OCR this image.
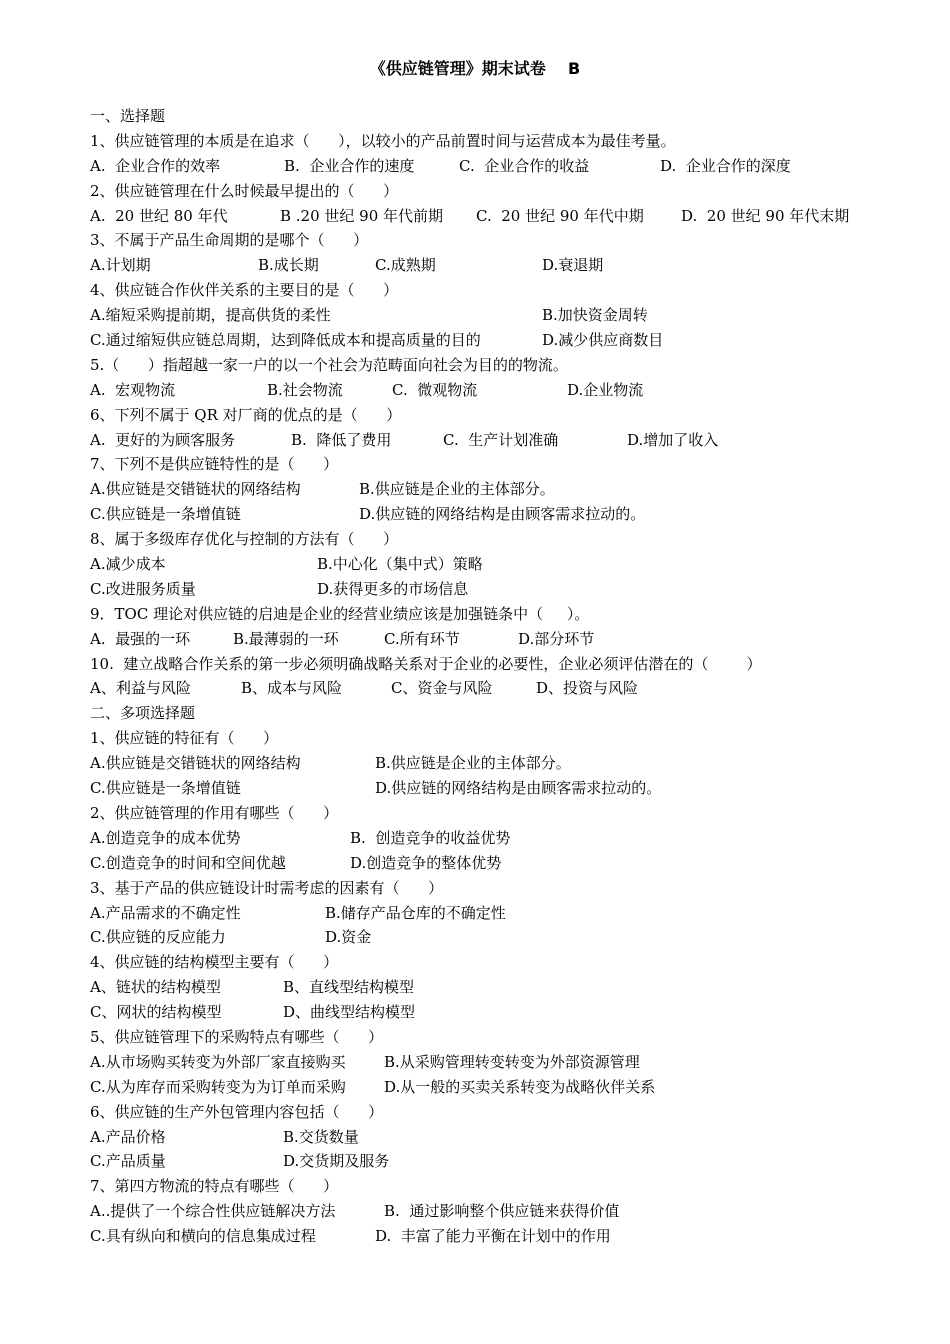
《供应链管理》期末试卷    B
一、选择题
1、供应链管理的本质是在追求（      ），以较小的产品前置时间与运营成本为最佳考量。
A.  企业合作的效率	B.  企业合作的速度	C.  企业合作的收益	D.  企业合作的深度
2、供应链管理在什么时候最早提出的（      ）
A.  20 世纪 80 年代	B .20 世纪 90 年代前期 C.  20 世纪 90 年代中期 D.  20 世纪 90 年代末期
3、不属于产品生命周期的是哪个（      ）
A.计划期	B.成长期	C.成熟期	D.衰退期
4、供应链合作伙伴关系的主要目的是（      ）
A.缩短采购提前期，提高供货的柔性	B.加快资金周转
C.通过缩短供应链总周期，达到降低成本和提高质量的目的	D.减少供应商数目
5.（      ）指超越一家一户的以一个社会为范畴面向社会为目的的物流。
A.  宏观物流	B.社会物流	C.  微观物流	D.企业物流
6、下列不属于 QR 对厂商的优点的是（      ）
A.  更好的为顾客服务	B.  降低了费用	C.  生产计划准确	D.增加了收入
7、下列不是供应链特性的是（      ）
A.供应链是交错链状的网络结构	B.供应链是企业的主体部分。
C.供应链是一条增值链	D.供应链的网络结构是由顾客需求拉动的。
8、属于多级库存优化与控制的方法有（      ）
A.减少成本	B.中心化（集中式）策略
C.改进服务质量	D.获得更多的市场信息
9．TOC 理论对供应链的启迪是企业的经营业绩应该是加强链条中（     ）。
A.  最强的一环	B.最薄弱的一环	C.所有环节	D.部分环节
10.  建立战略合作关系的第一步必须明确战略关系对于企业的必要性，企业必须评估潜在的（        ）
A、利益与风险	B、成本与风险	C、资金与风险	D、投资与风险
二、多项选择题
1、供应链的特征有（      ）
A.供应链是交错链状的网络结构	B.供应链是企业的主体部分。
C.供应链是一条增值链	D.供应链的网络结构是由顾客需求拉动的。
2、供应链管理的作用有哪些（      ）
A.创造竞争的成本优势	B.  创造竞争的收益优势
C.创造竞争的时间和空间优越	D.创造竞争的整体优势
3、基于产品的供应链设计时需考虑的因素有（      ）
A.产品需求的不确定性	B.储存产品仓库的不确定性
C.供应链的反应能力	D.资金
4、供应链的结构模型主要有（      ）
A、链状的结构模型	B、直线型结构模型
C、网状的结构模型	D、曲线型结构模型
5、供应链管理下的采购特点有哪些（      ）
A.从市场购买转变为外部厂家直接购买	B.从采购管理转变转变为外部资源管理
C.从为库存而采购转变为为订单而采购	D.从一般的买卖关系转变为战略伙伴关系
6、供应链的生产外包管理内容包括（      ）
A.产品价格	B.交货数量
C.产品质量	D.交货期及服务
7、第四方物流的特点有哪些（      ）
A..提供了一个综合性供应链解决方法	B.  通过影响整个供应链来获得价值
C.具有纵向和横向的信息集成过程	D.  丰富了能力平衡在计划中的作用
